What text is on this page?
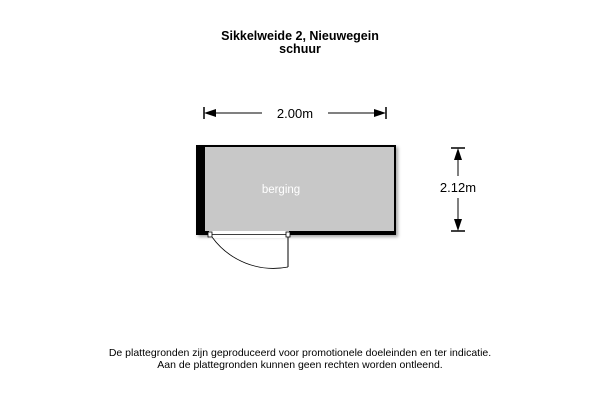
Sikkelweide 2, Nieuwegein
schuur
2.00m
2.12m
berging
De plattegronden zijn geproduceerd voor promotionele doeleinden en ter indicatie.
Aan de plattegronden kunnen geen rechten worden ontleend.
